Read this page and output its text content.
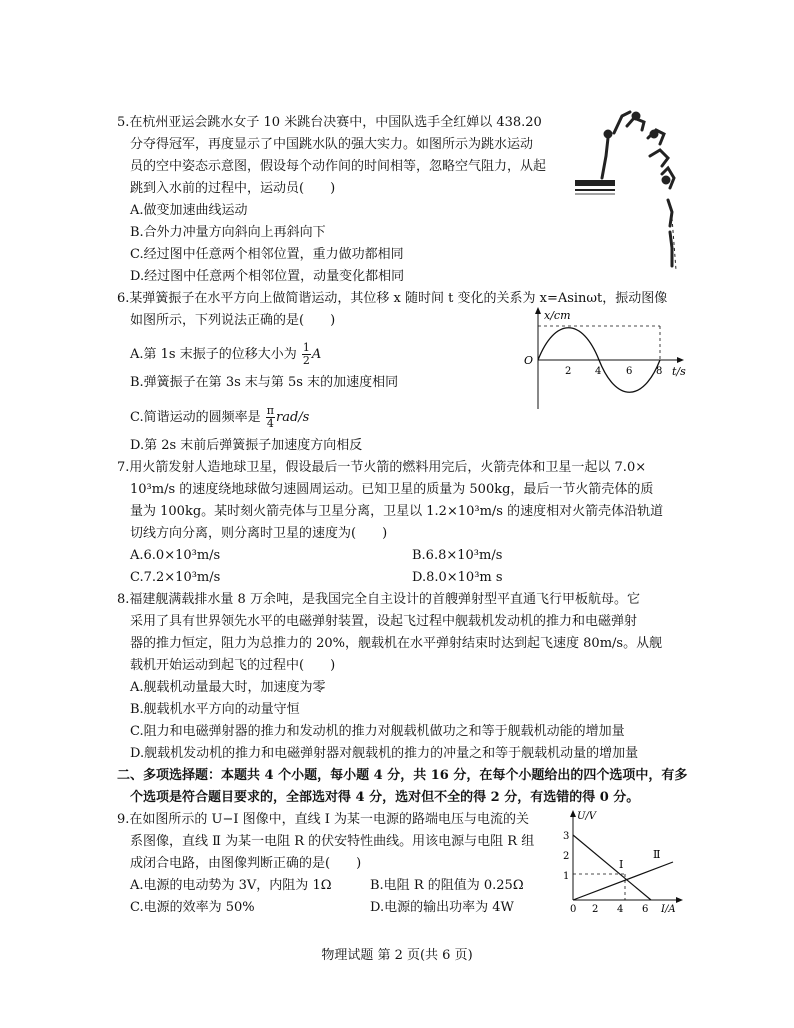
5.在杭州亚运会跳水女子 10 米跳台决赛中，中国队选手全红婵以 438.20
分夺得冠军，再度显示了中国跳水队的强大实力。如图所示为跳水运动
员的空中姿态示意图，假设每个动作间的时间相等，忽略空气阻力，从起
跳到入水前的过程中，运动员(　　)
A.做变加速曲线运动
B.合外力冲量方向斜向上再斜向下
C.经过图中任意两个相邻位置，重力做功都相同
D.经过图中任意两个相邻位置，动量变化都相同
6.某弹簧振子在水平方向上做简谐运动，其位移 x 随时间 t 变化的关系为 x=Asinωt，振动图像
如图所示，下列说法正确的是(　　)
A.第 1s 末振子的位移大小为 $\frac{1}{2}$ A
B.弹簧振子在第 3s 末与第 5s 末的加速度相同
C.简谐运动的圆频率是 $\frac{\pi}{4} rad/s$
D.第 2s 末前后弹簧振子加速度方向相反
x/cm
t/s
O
2 4 6 8
7.用火箭发射人造地球卫星，假设最后一节火箭的燃料用完后，火箭壳体和卫星一起以 7.0×
10³m/s 的速度绕地球做匀速圆周运动。已知卫星的质量为 500kg，最后一节火箭壳体的质
量为 100kg。某时刻火箭壳体与卫星分离，卫星以 1.2×10³m/s 的速度相对火箭壳体沿轨道
切线方向分离，则分离时卫星的速度为(　　)
A.6.0×10³m/s	B.6.8×10³m/s
C.7.2×10³m/s	D.8.0×10³m s
8.福建舰满载排水量 8 万余吨，是我国完全自主设计的首艘弹射型平直通飞行甲板航母。它
采用了具有世界领先水平的电磁弹射装置，设起飞过程中舰载机发动机的推力和电磁弹射
器的推力恒定，阻力为总推力的 20%，舰载机在水平弹射结束时达到起飞速度 80m/s。从舰
载机开始运动到起飞的过程中(　　)
A.舰载机动量最大时，加速度为零
B.舰载机水平方向的动量守恒
C.阻力和电磁弹射器的推力和发动机的推力对舰载机做功之和等于舰载机动能的增加量
D.舰载机发动机的推力和电磁弹射器对舰载机的推力的冲量之和等于舰载机动量的增加量
二、多项选择题：本题共 4 个小题，每小题 4 分，共 16 分，在每个小题给出的四个选项中，有多
个选项是符合题目要求的，全部选对得 4 分，选对但不全的得 2 分，有选错的得 0 分。
9.在如图所示的 U−I 图像中，直线 Ⅰ 为某一电源的路端电压与电流的关
系图像，直线 Ⅱ 为某一电阻 R 的伏安特性曲线。用该电源与电阻 R 组
成闭合电路，由图像判断正确的是(　　)
A.电源的电动势为 3V，内阻为 1Ω	B.电阻 R 的阻值为 0.25Ω
C.电源的效率为 50%	D.电源的输出功率为 4W
U/V
I/A
3
2
1
0 2 4 6
Ⅰ
Ⅱ
物理试题 第 2 页(共 6 页)
